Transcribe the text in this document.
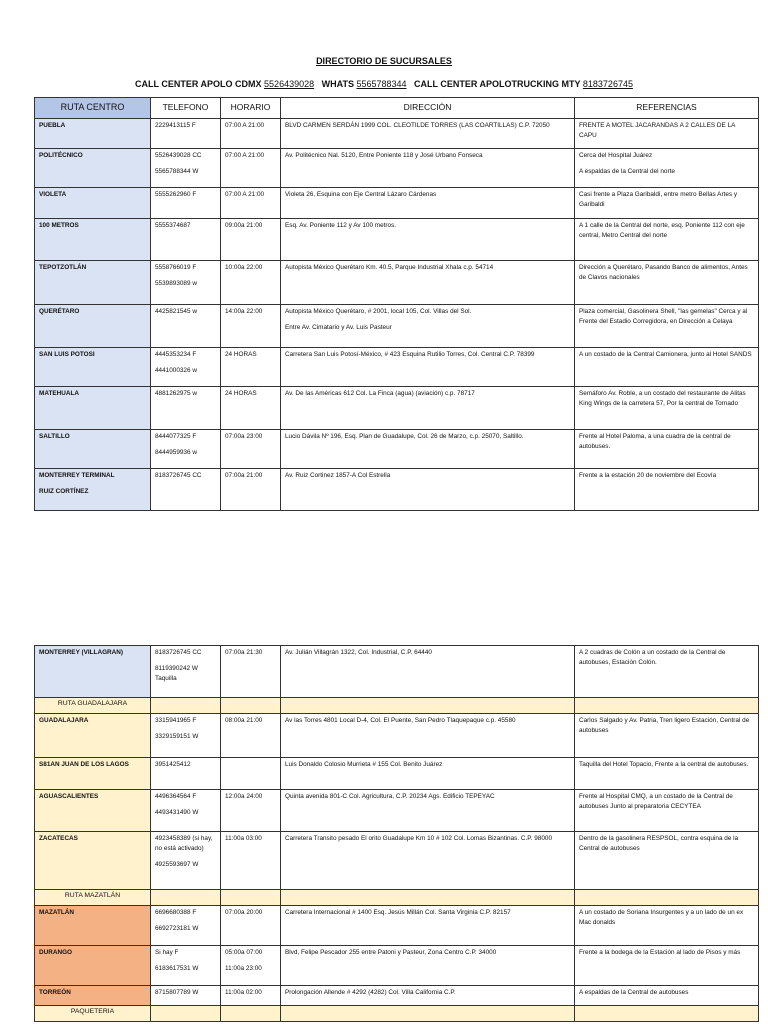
DIRECTORIO DE SUCURSALES
CALL CENTER APOLO CDMX 5526439028 WHATS 5565788344 CALL CENTER APOLOTRUCKING MTY 8183726745
RUTA CENTRO	TELEFONO	HORARIO	DIRECCIÓN	REFERENCIAS

PUEBLA	2229413115 F	07:00 A 21:00	BLVD CARMEN SERDÁN 1999 COL. CLEOTILDE TORRES (LAS COARTILLAS) C.P. 72050	FRENTE A MOTEL JACARANDAS A 2 CALLES DE LA CAPU

POLITÉCNICO	5526439028 CC
5565788344 W	07:00 A 21:00	Av. Politécnico Nal. 5120, Entre Poniente 118 y José Urbano Fonseca	Cerca del Hospital Juárez
A espaldas de la Central del norte

VIOLETA	5555262960 F	07:00 A 21:00	Violeta 26, Esquina con Eje Central Lázaro Cárdenas	Casi frente a Plaza Garibaldi, entre metro Bellas Artes y Garibaldi

100 METROS	5555374687	09:00a 21:00	Esq. Av. Poniente 112 y Av 100 metros.	A 1 calle de la Central del norte, esq. Poniente 112 con eje central, Metro Central del norte

TEPOTZOTLÁN	5558766019 F
5539893089 w	10:00a 22:00	Autopista México Querétaro Km. 40.5, Parque Industrial Xhala c.p. 54714	Dirección a Querétaro, Pasando Banco de alimentos, Antes de Clavos nacionales

QUERÉTARO	4425821545 w	14:00a 22:00	Autopista México Querétaro, # 2001, local 105, Col. Villas del Sol.
Entre Av. Cimatario y Av. Luis Pasteur	Plaza comercial, Gasolinera Shell, "las gemelas" Cerca y al Frente del Estadio Corregidora, en Dirección a Celaya

SAN LUIS POTOSI	4445353234 F
4441000326 w	24 HORAS	Carretera San Luis Potosí-México, # 423 Esquina Rutilio Torres, Col. Central C.P. 78399	A un costado de la Central Camionera, junto al Hotel SANDS

MATEHUALA	4881262975 w	24 HORAS	Av. De las Américas 612 Col. La Finca (agua) (aviación) c.p. 78717	Semáforo Av. Roble, a un costado del restaurante de Alitas King Wings de la carretera 57, Por la central de Tornado

SALTILLO	8444077325 F
8444959936 w	07:00a 23:00	Lucio Dávila Nº 196, Esq. Plan de Guadalupe, Col. 26 de Marzo, c.p. 25070, Saltillo.	Frente al Hotel Paloma, a una cuadra de la central de autobuses.

MONTERREY TERMINAL
RUIZ CORTÍNEZ	8183726745 CC	07:00a 21:00	Av. Ruiz Cortinez 1857-A Col Estrella	Frente a la estación 20 de noviembre del Ecovía
MONTERREY (VILLAGRAN)	8183726745 CC
8119390242 W Taquilla	07:00a 21:30	Av. Julián Villagrán 1322, Col. Industrial, C.P. 64440	A 2 cuadras de Colón a un costado de la Central de autobuses, Estación Colón.

RUTA GUADALAJARA				
GUADALAJARA	3315941965 F
3329159151 W	08:00a 21:00	Av las Torres 4801 Local D-4, Col. El Puente, San Pedro Tlaquepaque c.p. 45580	Carlos Salgado y Av. Patria, Tren ligero Estación, Central de autobuses

S81AN JUAN DE LOS LAGOS	3951425412		Luis Donaldo Colosio Murrieta # 155 Col. Benito Juárez	Taquilla del Hotel Topacio, Frente a la central de autobuses.

AGUASCALIENTES	4496364564 F
4493431490 W	12:00a 24:00	Quinta avenida 801-C Col. Agricultura, C.P. 20234 Ags. Edificio TEPEYAC	Frente al Hospital CMQ, a un costado de la Central de autobuses Junto al preparatoria CECYTEA

ZACATECAS	4923458389 (si hay, no está activado)
4925593697 W	11:00a 03:00	Carretera Transito pesado El orito Guadalupe Km 10 # 102 Col. Lomas Bizantinas. C.P. 98000	Dentro de la gasolinera RESPSOL, contra esquina de la Central de autobuses

RUTA MAZATLÁN				
MAZATLÁN	6696680388 F
6692723181 W	07:00a 20:00	Carretera Internacional # 1400 Esq. Jesús Millán Col. Santa Virginia C.P. 82157	A un costado de Soriana Insurgentes y a un lado de un ex Mac donalds

DURANGO	Si hay F
6183617531 W	05:00a 07:00
11:00a 23:00	Blvd, Felipe Pescador 255 entre Patoni y Pasteur, Zona Centro C.P. 34000	Frente a la bodega de la Estación al lado de Pisos y más

TORREÓN	8715807789 W	11:00a 02:00	Prolongación Allende # 4292 (4282) Col. Villa California C.P.	A espaldas de la Central de autobuses

PAQUETERIA				
